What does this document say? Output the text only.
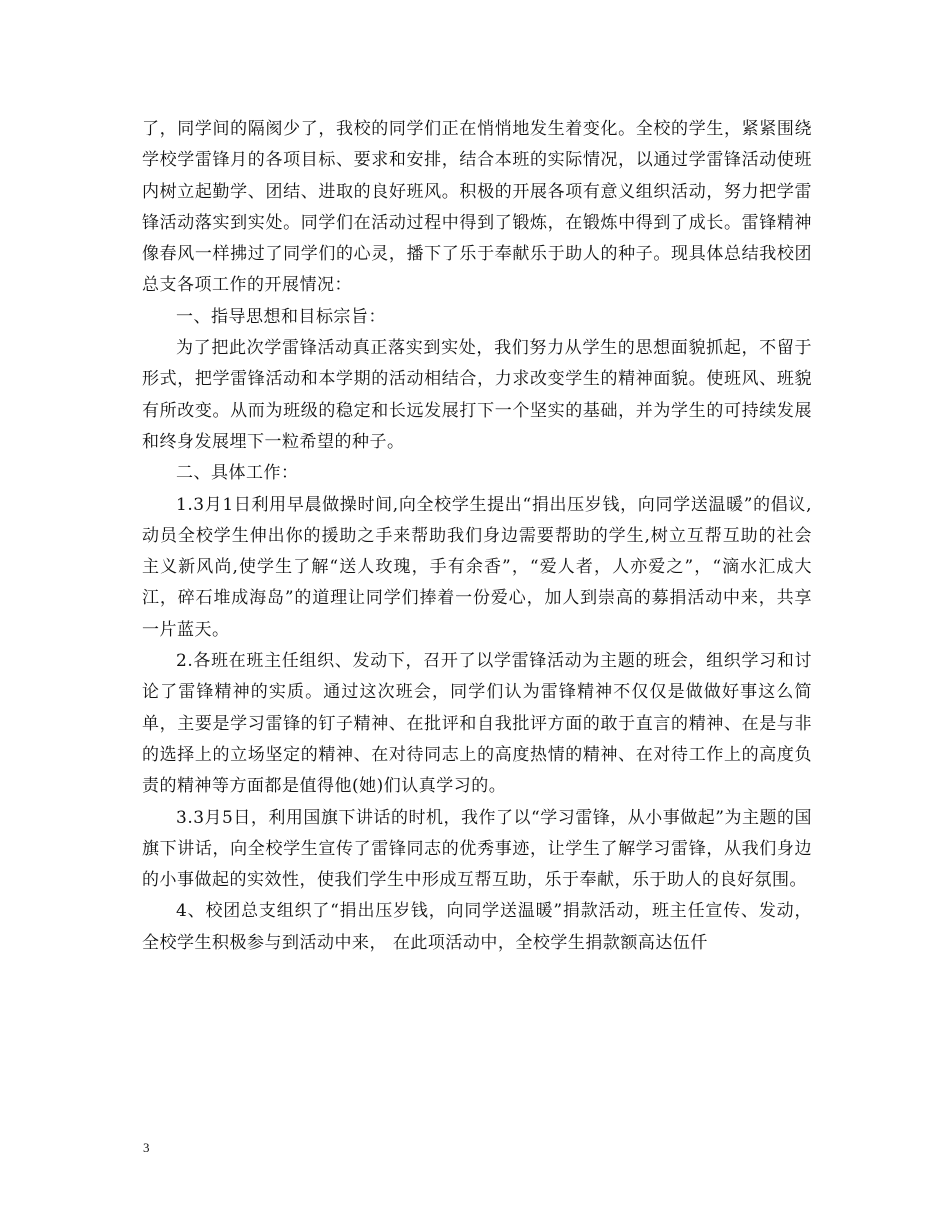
了，同学间的隔阂少了，我校的同学们正在悄悄地发生着变化。全校的学生，紧紧围绕学校学雷锋月的各项目标、要求和安排，结合本班的实际情况，以通过学雷锋活动使班内树立起勤学、团结、进取的良好班风。积极的开展各项有意义组织活动，努力把学雷锋活动落实到实处。同学们在活动过程中得到了锻炼，在锻炼中得到了成长。雷锋精神像春风一样拂过了同学们的心灵，播下了乐于奉献乐于助人的种子。现具体总结我校团总支各项工作的开展情况：

一、指导思想和目标宗旨：

为了把此次学雷锋活动真正落实到实处，我们努力从学生的思想面貌抓起，不留于形式，把学雷锋活动和本学期的活动相结合，力求改变学生的精神面貌。使班风、班貌有所改变。从而为班级的稳定和长远发展打下一个坚实的基础，并为学生的可持续发展和终身发展埋下一粒希望的种子。

二、具体工作：

1.3月1日利用早晨做操时间,向全校学生提出“捐出压岁钱，向同学送温暖”的倡议,动员全校学生伸出你的援助之手来帮助我们身边需要帮助的学生,树立互帮互助的社会主义新风尚,使学生了解“送人玫瑰，手有余香”，“爱人者，人亦爱之”，“滴水汇成大江，碎石堆成海岛”的道理让同学们捧着一份爱心，加人到崇高的募捐活动中来，共享一片蓝天。

2.各班在班主任组织、发动下，召开了以学雷锋活动为主题的班会，组织学习和讨论了雷锋精神的实质。通过这次班会，同学们认为雷锋精神不仅仅是做做好事这么简单，主要是学习雷锋的钉子精神、在批评和自我批评方面的敢于直言的精神、在是与非的选择上的立场坚定的精神、在对待同志上的高度热情的精神、在对待工作上的高度负责的精神等方面都是值得他(她)们认真学习的。

3.3月5日，利用国旗下讲话的时机，我作了以“学习雷锋，从小事做起”为主题的国旗下讲话，向全校学生宣传了雷锋同志的优秀事迹，让学生了解学习雷锋，从我们身边的小事做起的实效性，使我们学生中形成互帮互助，乐于奉献，乐于助人的良好氛围。

4、校团总支组织了“捐出压岁钱，向同学送温暖”捐款活动，班主任宣传、发动，全校学生积极参与到活动中来， 在此项活动中，全校学生捐款额高达伍仟

3
